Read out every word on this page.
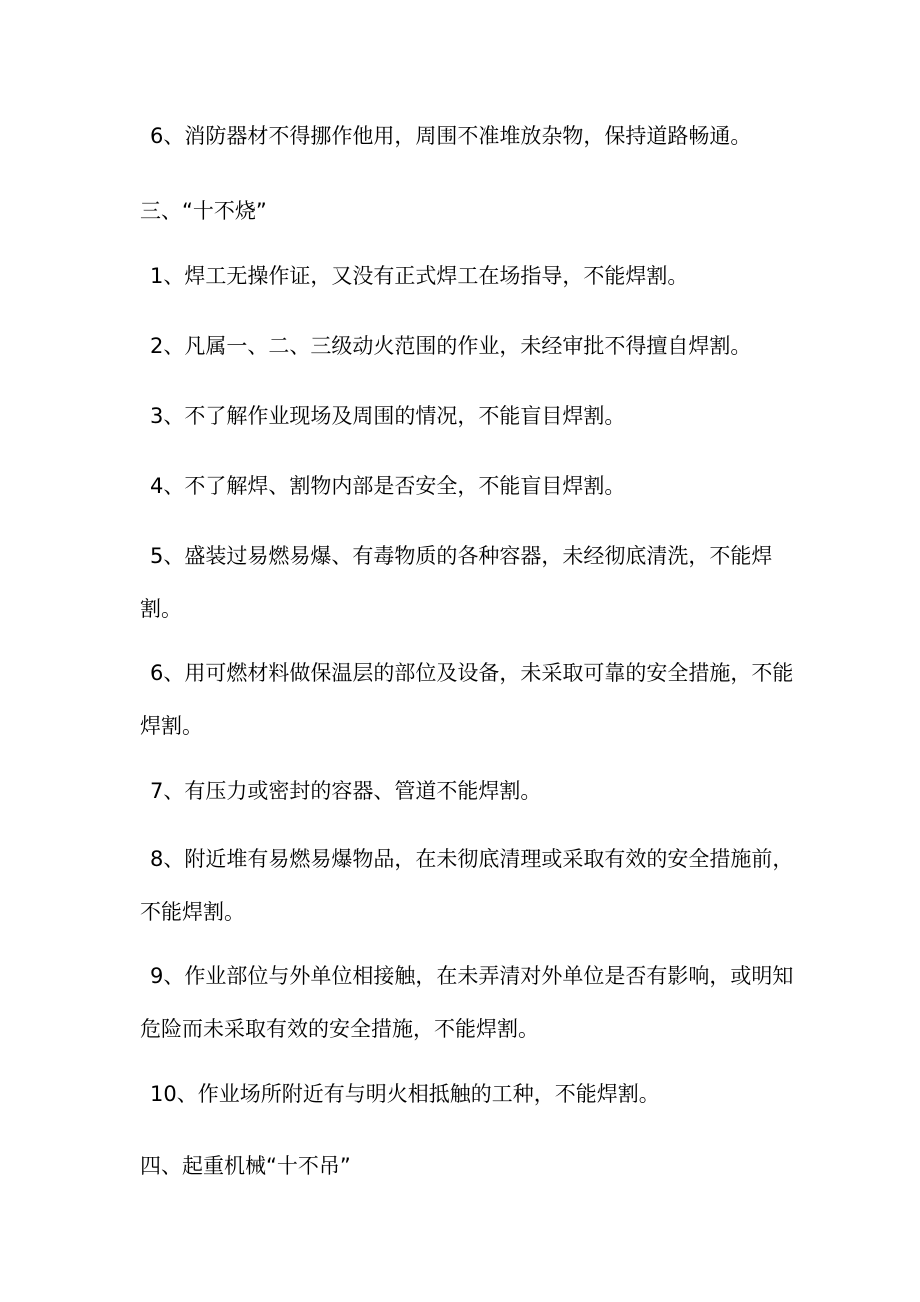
6、消防器材不得挪作他用，周围不准堆放杂物，保持道路畅通。

三、“十不烧”

1、焊工无操作证，又没有正式焊工在场指导，不能焊割。

2、凡属一、二、三级动火范围的作业，未经审批不得擅自焊割。

3、不了解作业现场及周围的情况，不能盲目焊割。

4、不了解焊、割物内部是否安全，不能盲目焊割。

5、盛装过易燃易爆、有毒物质的各种容器，未经彻底清洗，不能焊割。

6、用可燃材料做保温层的部位及设备，未采取可靠的安全措施，不能焊割。

7、有压力或密封的容器、管道不能焊割。

8、附近堆有易燃易爆物品，在未彻底清理或采取有效的安全措施前，不能焊割。

9、作业部位与外单位相接触，在未弄清对外单位是否有影响，或明知危险而未采取有效的安全措施，不能焊割。

10、作业场所附近有与明火相抵触的工种，不能焊割。

四、起重机械“十不吊”
